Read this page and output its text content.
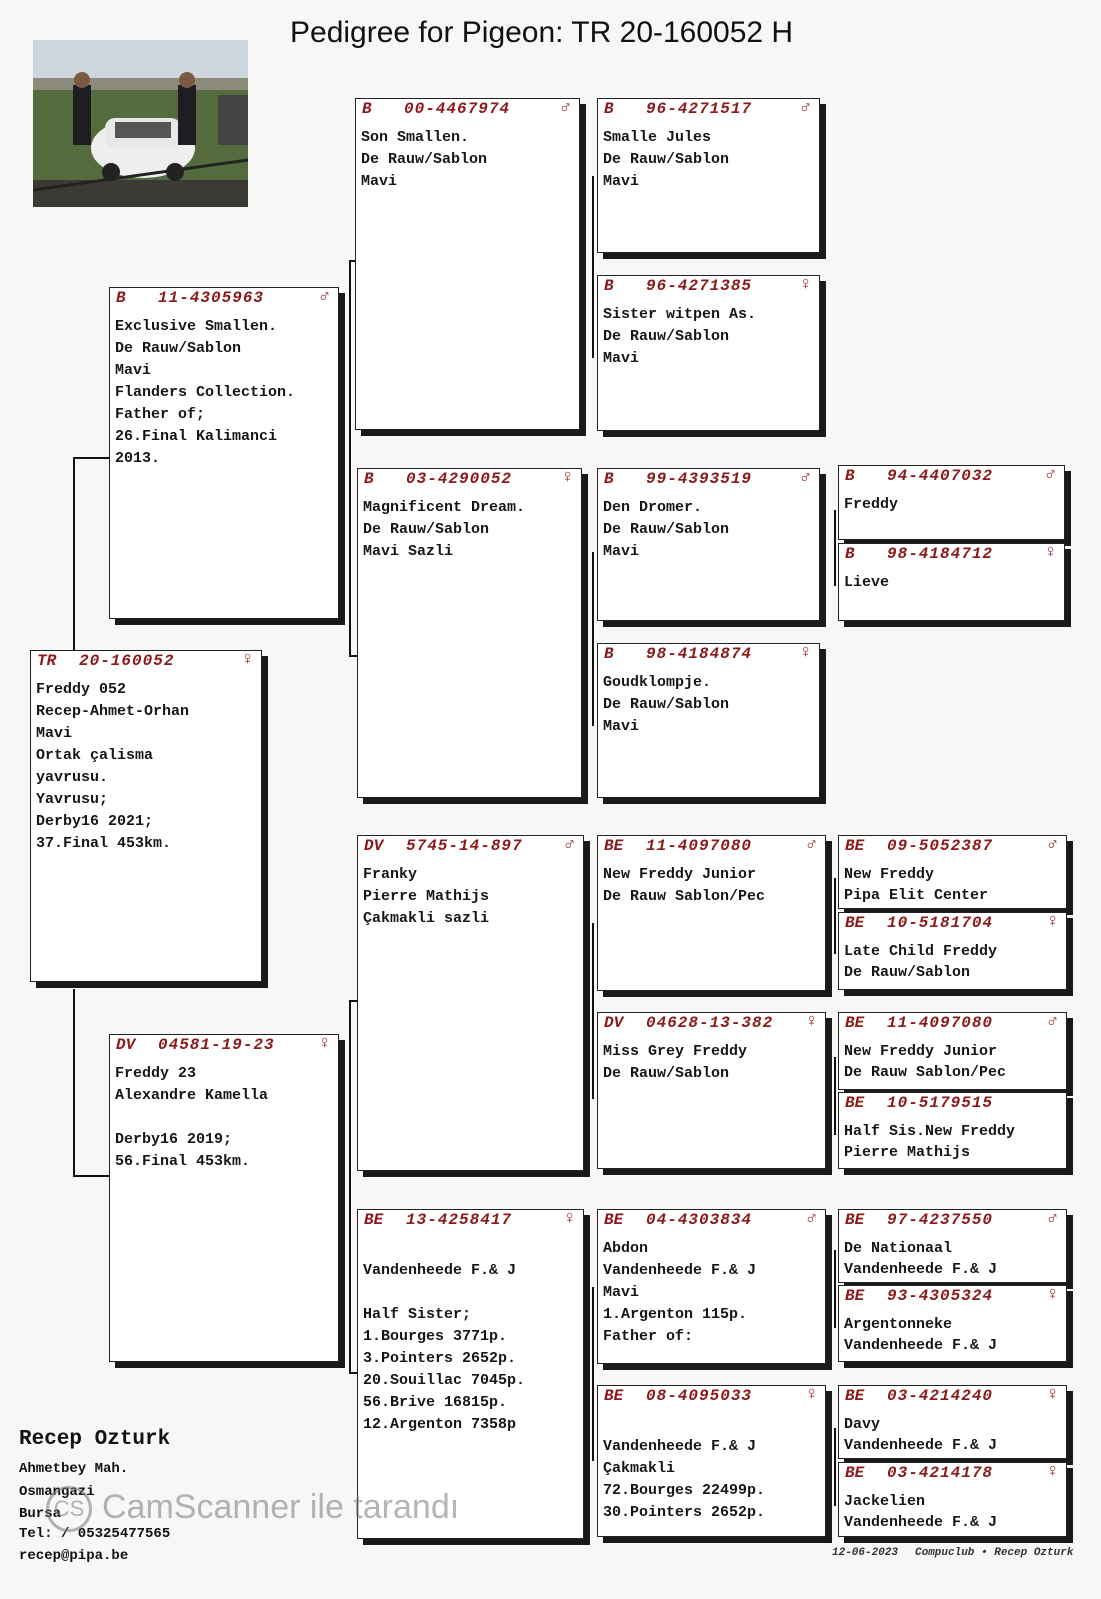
Pedigree for Pigeon: TR 20-160052 H
TR 20-160052	♀
Freddy 052
Recep-Ahmet-Orhan
Mavi
Ortak çalisma
yavrusu.
Yavrusu;
Derby16 2021;
37.Final 453km.
B 11-4305963	♂
Exclusive Smallen.
De Rauw/Sablon
Mavi
Flanders Collection.
Father of;
26.Final Kalimanci
2013.
DV 04581-19-23 ♀
Freddy 23
Alexandre Kamella
Derby16 2019;
56.Final 453km.
B 00-4467974	♂
Son Smallen.
De Rauw/Sablon
Mavi
B 03-4290052	♀
Magnificent Dream.
De Rauw/Sablon
Mavi Sazli
DV 5745-14-897 ♂
Franky
Pierre Mathijs
Çakmakli sazli
BE 13-4258417	♀
Vandenheede F.& J
Half Sister;
1.Bourges 3771p.
3.Pointers 2652p.
20.Souillac 7045p.
56.Brive 16815p.
12.Argenton 7358p
B 96-4271517	♂
Smalle Jules
De Rauw/Sablon
Mavi
B 96-4271385	♀
Sister witpen As.
De Rauw/Sablon
Mavi
B 99-4393519	♂
Den Dromer.
De Rauw/Sablon
Mavi
B 98-4184874	♀
Goudklompje.
De Rauw/Sablon
Mavi
BE 11-4097080	♂
New Freddy Junior
De Rauw Sablon/Pec
DV 04628-13-382 ♀
Miss Grey Freddy
De Rauw/Sablon
BE 04-4303834	♂
Abdon
Vandenheede F.& J
Mavi
1.Argenton 115p.
Father of:
BE 08-4095033	♀
Vandenheede F.& J
Çakmakli
72.Bourges 22499p.
30.Pointers 2652p.
B 94-4407032	♂
Freddy
B 98-4184712	♀
Lieve
BE 09-5052387	♂
New Freddy
Pipa Elit Center
BE 10-5181704	♀
Late Child Freddy
De Rauw/Sablon
BE 11-4097080	♂
New Freddy Junior
De Rauw Sablon/Pec
BE 10-5179515
Half Sis.New Freddy
Pierre Mathijs
BE 97-4237550	♂
De Nationaal
Vandenheede F.& J
BE 93-4305324	♀
Argentonneke
Vandenheede F.& J
BE 03-4214240	♀
Davy
Vandenheede F.& J
BE 03-4214178	♀
Jackelien
Vandenheede F.& J
Recep Ozturk
Ahmetbey Mah.
Osmangazi
Bursa
Tel: / 05325477565
recep@pipa.be
CS CamScanner ile tarandı
12-06-2023 Compuclub • Recep Ozturk
